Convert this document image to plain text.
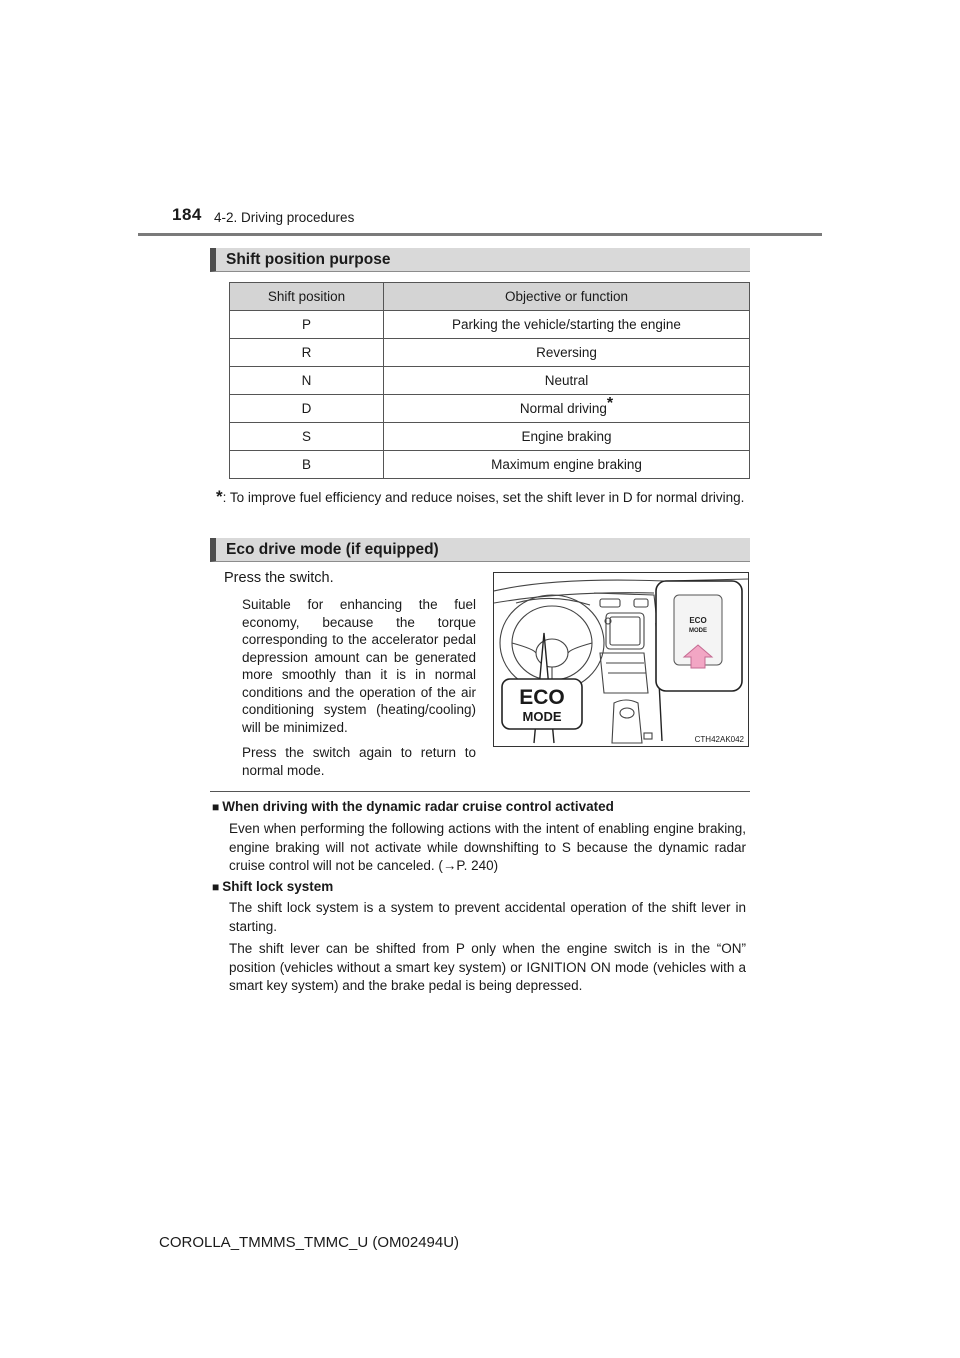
184 4-2. Driving procedures
Shift position purpose
Shift position	Objective or function
P	Parking the vehicle/starting the engine
R	Reversing
N	Neutral
D	Normal driving*
S	Engine braking
B	Maximum engine braking
*: To improve fuel efficiency and reduce noises, set the shift lever in D for normal driving.
Eco drive mode (if equipped)
Press the switch.
Suitable for enhancing the fuel economy, because the torque corresponding to the accelerator pedal depression amount can be generated more smoothly than it is in normal conditions and the operation of the air conditioning system (heating/cooling) will be minimized.
Press the switch again to return to normal mode.
ECO
MODE
ECO
MODE
CTH42AK042
■ When driving with the dynamic radar cruise control activated
Even when performing the following actions with the intent of enabling engine braking, engine braking will not activate while downshifting to S because the dynamic radar cruise control will not be canceled. (→P. 240)
■ Shift lock system
The shift lock system is a system to prevent accidental operation of the shift lever in starting.
The shift lever can be shifted from P only when the engine switch is in the “ON” position (vehicles without a smart key system) or IGNITION ON mode (vehicles with a smart key system) and the brake pedal is being depressed.
COROLLA_TMMMS_TMMC_U (OM02494U)
